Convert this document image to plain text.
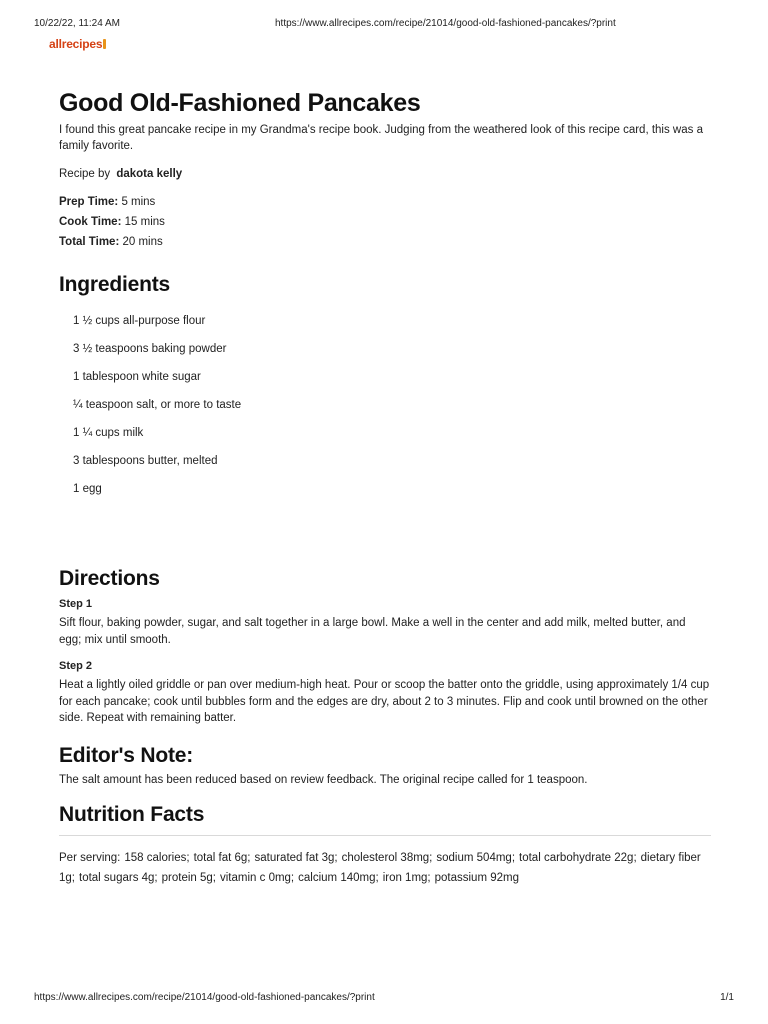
10/22/22, 11:24 AM	https://www.allrecipes.com/recipe/21014/good-old-fashioned-pancakes/?print
allrecipes
Good Old-Fashioned Pancakes

I found this great pancake recipe in my Grandma's recipe book. Judging from the weathered look of this recipe card, this was a family favorite.

Recipe by dakota kelly
Prep Time: 5 mins
Cook Time: 15 mins
Total Time: 20 mins
Ingredients
1 ½ cups all-purpose flour
3 ½ teaspoons baking powder
1 tablespoon white sugar
¼ teaspoon salt, or more to taste
1 ¼ cups milk
3 tablespoons butter, melted
1 egg
Directions
Step 1

Sift flour, baking powder, sugar, and salt together in a large bowl. Make a well in the center and add milk, melted butter, and egg; mix until smooth.

Step 2

Heat a lightly oiled griddle or pan over medium-high heat. Pour or scoop the batter onto the griddle, using approximately 1/4 cup for each pancake; cook until bubbles form and the edges are dry, about 2 to 3 minutes. Flip and cook until browned on the other side. Repeat with remaining batter.

Editor's Note:
The salt amount has been reduced based on review feedback. The original recipe called for 1 teaspoon.
Nutrition Facts
Per serving: 158 calories; total fat 6g; saturated fat 3g; cholesterol 38mg; sodium 504mg; total carbohydrate 22g; dietary fiber 1g; total sugars 4g; protein 5g; vitamin c 0mg; calcium 140mg; iron 1mg; potassium 92mg
https://www.allrecipes.com/recipe/21014/good-old-fashioned-pancakes/?print	1/1
